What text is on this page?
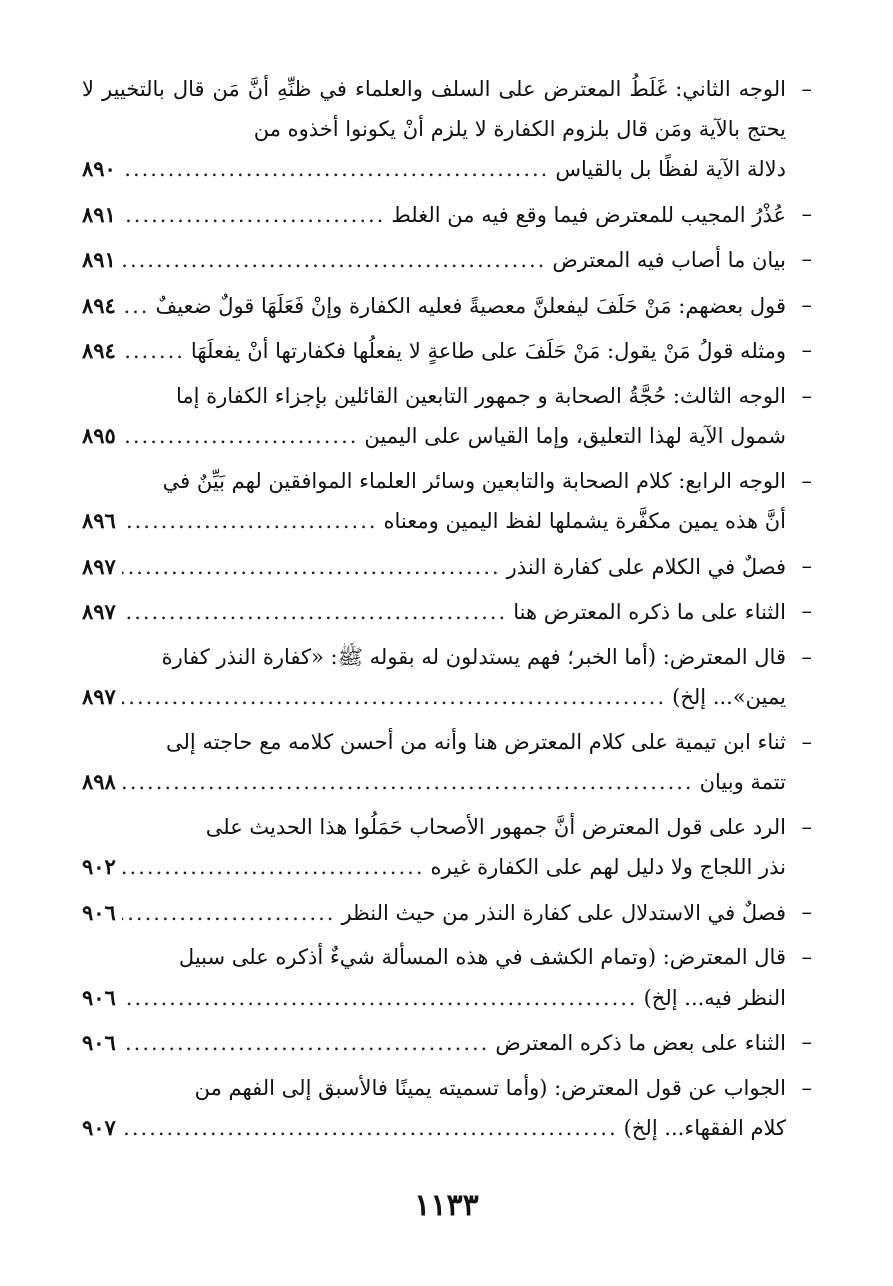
–
الوجه الثاني: غَلَطُ المعترض على السلف والعلماء في ظنِّهِ أنَّ مَن قال بالتخيير لا يحتج بالآية ومَن قال بلزوم الكفارة لا يلزم أنْ يكونوا أخذوه من
دلالة الآية لفظًا بل بالقياس
.....
٨٩٠
–
عُذْرُ المجيب للمعترض فيما وقع فيه من الغلط
.....
٨٩١
–
بيان ما أصاب فيه المعترض
.....
٨٩١
–
قول بعضهم: مَنْ حَلَفَ ليفعلنَّ معصيةً فعليه الكفارة وإنْ فَعَلَهَا قولٌ ضعيفٌ
.....
٨٩٤
–
ومثله قولُ مَنْ يقول: مَنْ حَلَفَ على طاعةٍ لا يفعلُها فكفارتها أنْ يفعلَهَا
.....
٨٩٤
–
الوجه الثالث: حُجَّةُ الصحابة و جمهور التابعين القائلين بإجزاء الكفارة إما
شمول الآية لهذا التعليق، وإما القياس على اليمين
.....
٨٩٥
–
الوجه الرابع: كلام الصحابة والتابعين وسائر العلماء الموافقين لهم بَيِّنٌ في
أنَّ هذه يمين مكفَّرة يشملها لفظ اليمين ومعناه
.....
٨٩٦
–
فصلٌ في الكلام على كفارة النذر
.....
٨٩٧
–
الثناء على ما ذكره المعترض هنا
.....
٨٩٧
–
قال المعترض: (أما الخبر؛ فهم يستدلون له بقوله ﷺ: «كفارة النذر كفارة
يمين»... إلخ)
.....
٨٩٧
–
ثناء ابن تيمية على كلام المعترض هنا وأنه من أحسن كلامه مع حاجته إلى
تتمة وبيان
.....
٨٩٨
–
الرد على قول المعترض أنَّ جمهور الأصحاب حَمَلُوا هذا الحديث على
نذر اللجاج ولا دليل لهم على الكفارة غيره
.....
٩٠٢
–
فصلٌ في الاستدلال على كفارة النذر من حيث النظر
.....
٩٠٦
–
قال المعترض: (وتمام الكشف في هذه المسألة شيءٌ أذكره على سبيل
النظر فيه... إلخ)
.....
٩٠٦
–
الثناء على بعض ما ذكره المعترض
.....
٩٠٦
–
الجواب عن قول المعترض: (وأما تسميته يمينًا فالأسبق إلى الفهم من
كلام الفقهاء... إلخ)
.....
٩٠٧
١١٣٣
